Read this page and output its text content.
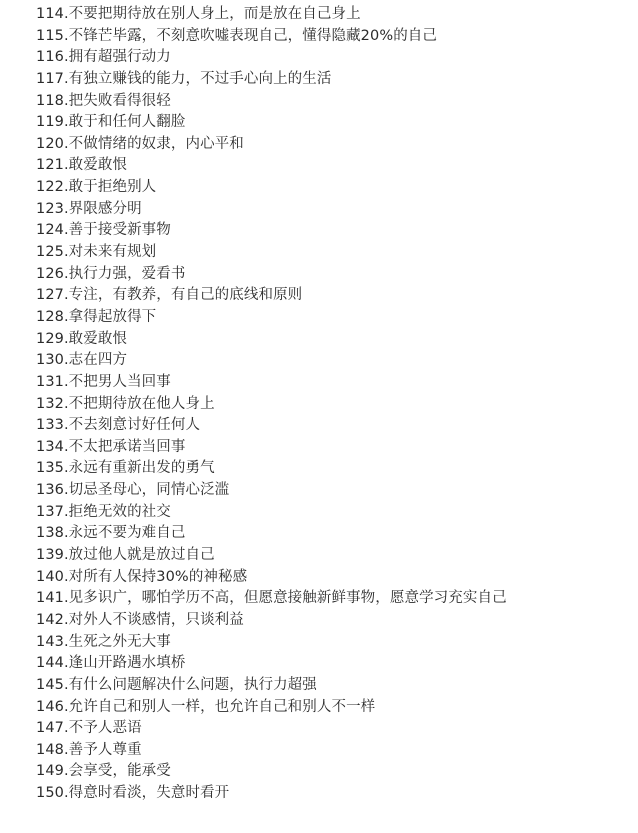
114.不要把期待放在别人身上，而是放在自己身上
115.不锋芒毕露，不刻意吹嘘表现自己，懂得隐藏20%的自己
116.拥有超强行动力
117.有独立赚钱的能力，不过手心向上的生活
118.把失败看得很轻
119.敢于和任何人翻脸
120.不做情绪的奴隶，内心平和
121.敢爱敢恨
122.敢于拒绝别人
123.界限感分明
124.善于接受新事物
125.对未来有规划
126.执行力强，爱看书
127.专注，有教养，有自己的底线和原则
128.拿得起放得下
129.敢爱敢恨
130.志在四方
131.不把男人当回事
132.不把期待放在他人身上
133.不去刻意讨好任何人
134.不太把承诺当回事
135.永远有重新出发的勇气
136.切忌圣母心，同情心泛滥
137.拒绝无效的社交
138.永远不要为难自己
139.放过他人就是放过自己
140.对所有人保持30%的神秘感
141.见多识广，哪怕学历不高，但愿意接触新鲜事物，愿意学习充实自己
142.对外人不谈感情，只谈利益
143.生死之外无大事
144.逢山开路遇水填桥
145.有什么问题解决什么问题，执行力超强
146.允许自己和别人一样，也允许自己和别人不一样
147.不予人恶语
148.善予人尊重
149.会享受，能承受
150.得意时看淡，失意时看开
